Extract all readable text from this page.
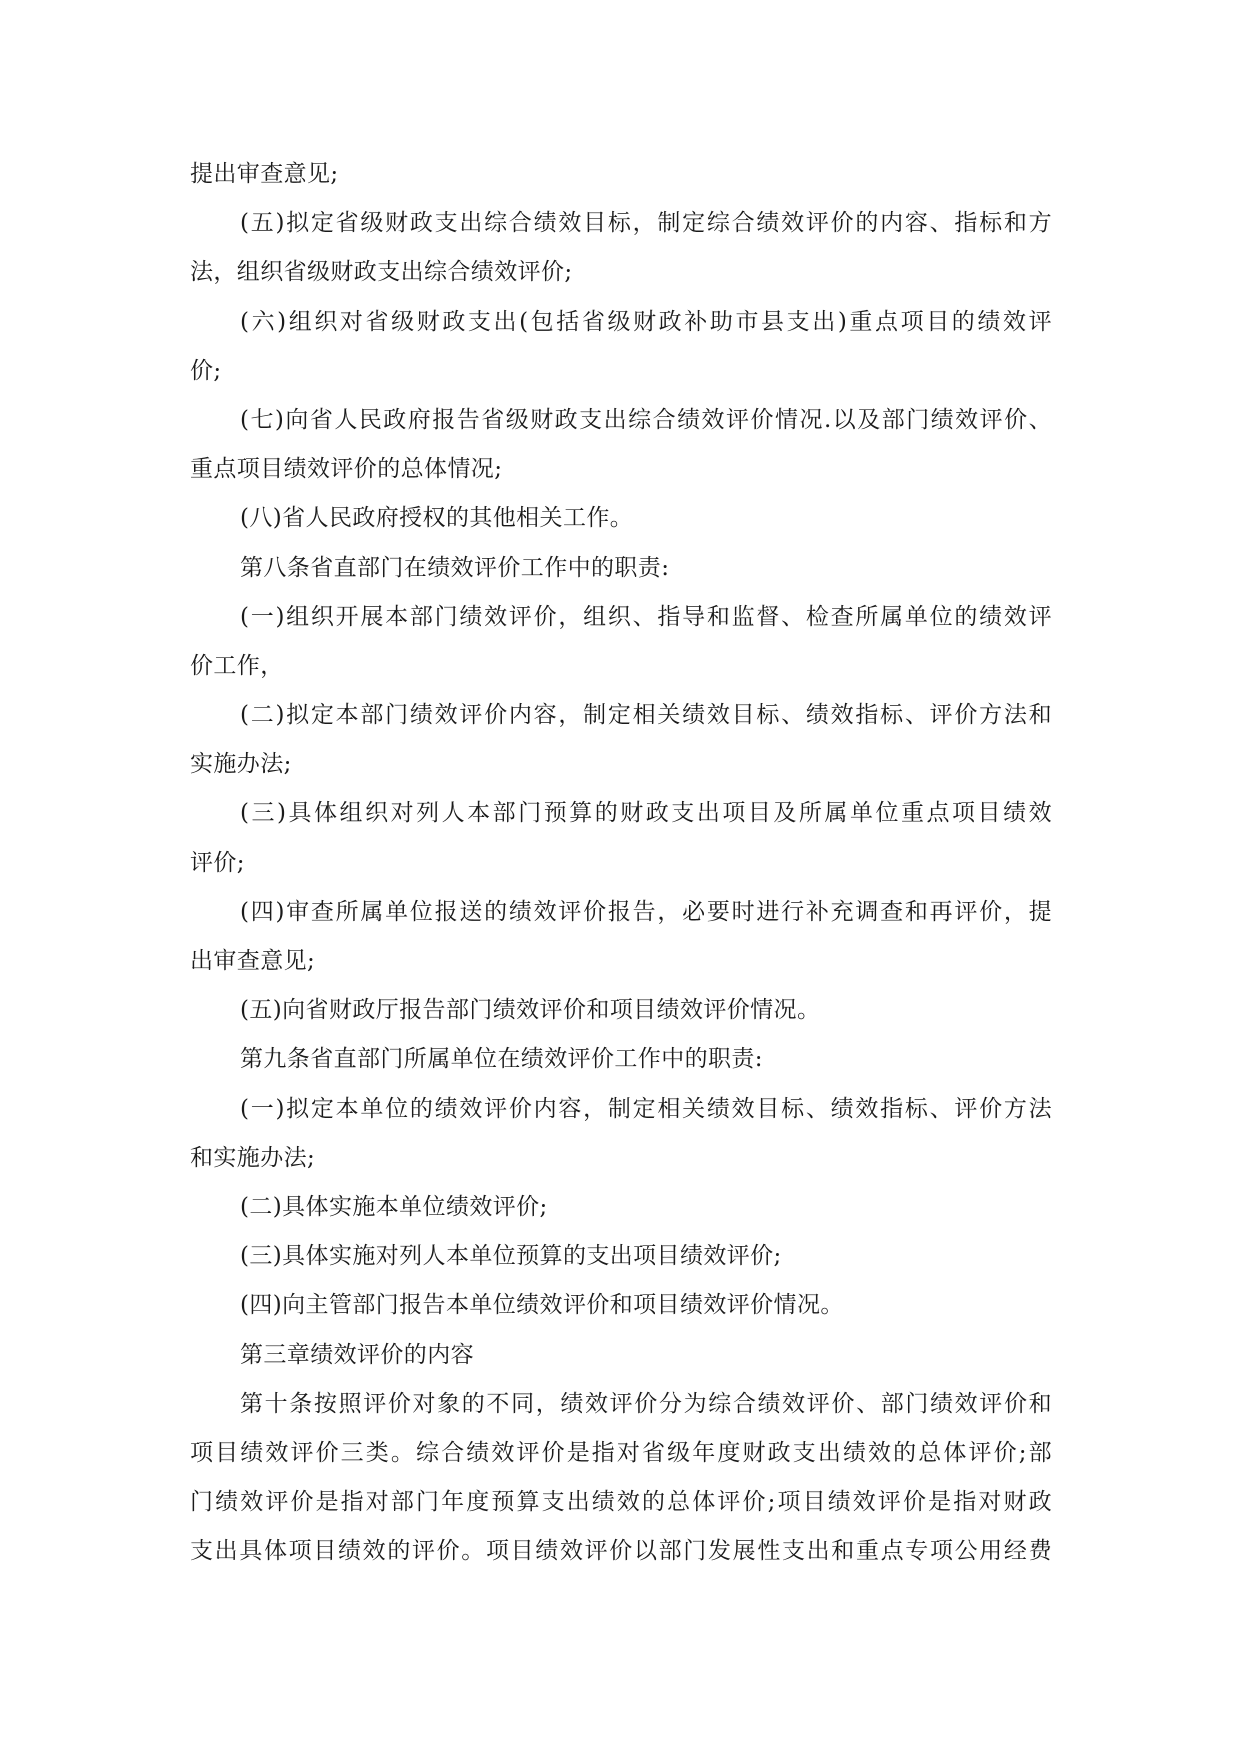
提出审查意见;
(五)拟定省级财政支出综合绩效目标，制定综合绩效评价的内容、指标和方
法，组织省级财政支出综合绩效评价;
(六)组织对省级财政支出(包括省级财政补助市县支出)重点项目的绩效评
价;
(七)向省人民政府报告省级财政支出综合绩效评价情况.以及部门绩效评价、
重点项目绩效评价的总体情况;
(八)省人民政府授权的其他相关工作。
第八条省直部门在绩效评价工作中的职责:
(一)组织开展本部门绩效评价，组织、指导和监督、检查所属单位的绩效评
价工作，
(二)拟定本部门绩效评价内容，制定相关绩效目标、绩效指标、评价方法和
实施办法;
(三)具体组织对列人本部门预算的财政支出项目及所属单位重点项目绩效
评价;
(四)审查所属单位报送的绩效评价报告，必要时进行补充调查和再评价，提
出审查意见;
(五)向省财政厅报告部门绩效评价和项目绩效评价情况。
第九条省直部门所属单位在绩效评价工作中的职责:
(一)拟定本单位的绩效评价内容，制定相关绩效目标、绩效指标、评价方法
和实施办法;
(二)具体实施本单位绩效评价;
(三)具体实施对列人本单位预算的支出项目绩效评价;
(四)向主管部门报告本单位绩效评价和项目绩效评价情况。
第三章绩效评价的内容
第十条按照评价对象的不同，绩效评价分为综合绩效评价、部门绩效评价和
项目绩效评价三类。综合绩效评价是指对省级年度财政支出绩效的总体评价;部
门绩效评价是指对部门年度预算支出绩效的总体评价;项目绩效评价是指对财政
支出具体项目绩效的评价。项目绩效评价以部门发展性支出和重点专项公用经费
